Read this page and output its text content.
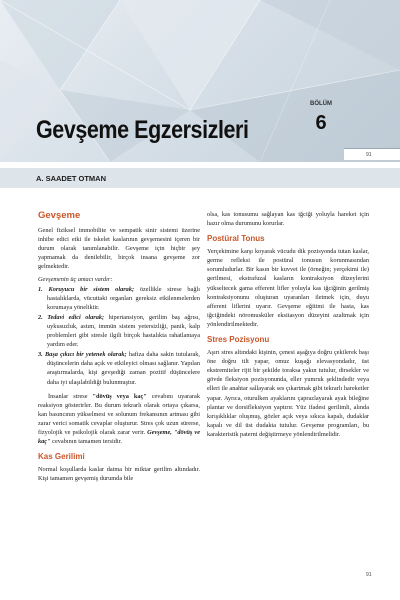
BÖLÜM
6
Gevşeme Egzersizleri
91
A. SAADET OTMAN
Gevşeme

Genel fiziksel immobilite ve sempatik sinir sistemi üzerine inhibe edici etki ile iskelet kaslarının gevşemesini içeren bir durum olarak tanımlanabilir. Gevşeme için hiçbir şey yapmamak da denilebilir, birçok insana gevşeme zor gelmektedir.

Gevşemenin üç amacı vardır:

1. Koruyucu bir sistem olarak; özellikle strese bağlı hastalıklarda, vücuttaki organları gereksiz etkilenmelerden korumaya yöneliktir.
2. Tedavi edici olarak; hipertansiyon, gerilim baş ağrısı, uykusuzluk, astım, immün sistem yetersizliği, panik, kalp problemleri gibi stresle ilgili birçok hastalıkta rahatlamaya yardım eder.
3. Başa çıkıcı bir yetenek olarak; hafiza daha sakin tutularak, düşüncelerin daha açık ve etkileyici olması sağlanır. Yapılan araştırmalarda, kişi gevşediği zaman pozitif düşüncelere daha iyi ulaşılabildiği bulunmuştur.

İnsanlar strese "dövüş veya kaç" cevabını uyararak reaksiyon gösterirler. Bu durum tekrarlı olarak ortaya çıkarsa, kan basıncının yükselmesi ve solunum frekansının artması gibi zarar verici somatik cevaplar oluşturur. Stres çok uzun sürerse, fizyolojik ve psikolojik olarak zarar verir. Gevşeme, "dövüş ve kaç" cevabının tamamen tersidir.

Kas Gerilimi

Normal koşullarda kaslar daima bir miktar gerilim altındadır. Kişi tamamen gevşemiş durumda bile

olsa, kas tonusumu sağlayan kas iğciği yoluyla hareket için hazır olma durumunu korurlar.

Postüral Tonus

Yerçekimine karşı koyarak vücudu dik pozisyonda tutan kaslar, germe refleksi ile postüral tonusun korunmasından sorumludurlar. Bir kasın bir kuvvet ile (örneğin; yerçekimi ile) gerilmesi, ekstrafuzal kasların kontraksiyon düzeylerini yükseltecek gama efferent lifler yoluyla kas iğciğinin gerilmiş kontraksiyonunu oluşturan uyaranları iletmek için, duyu afferent liflerini uyarır. Gevşeme eğitimi ile hasta, kas iğciğindeki nöromusküler eksitasyon düzeyini azaltmak için yönlendirilmektedir.

Stres Pozisyonu

Aşırı stres altındaki kişinin, çenesi aşağıya doğru çekilerek başı öne doğru tilt yapar, omuz kuşağı elevasyondadır, üst ekstremiteler rijit bir şekilde toraksa yakın tutulur, dirsekler ve gövde fleksiyon pozisyonunda, eller yumruk şeklindedir veya elleri ile anahtar sallayarak ses çıkartmak gibi tekrarlı hareketler yapar. Ayrıca, oturulken ayaklarını çaprazlayarak ayak bileğine plantar ve dorsifleksiyon yaptırır. Yüz ifadesi gerilimli, alında kırışıklıklar oluşmuş, gözler açık veya sıkıca kapalı, dudaklar kapalı ve dil üst dudakta tutulur. Gevşeme programları, bu karakteristik paterni değiştirmeye yönlendirilmelidir.

91
